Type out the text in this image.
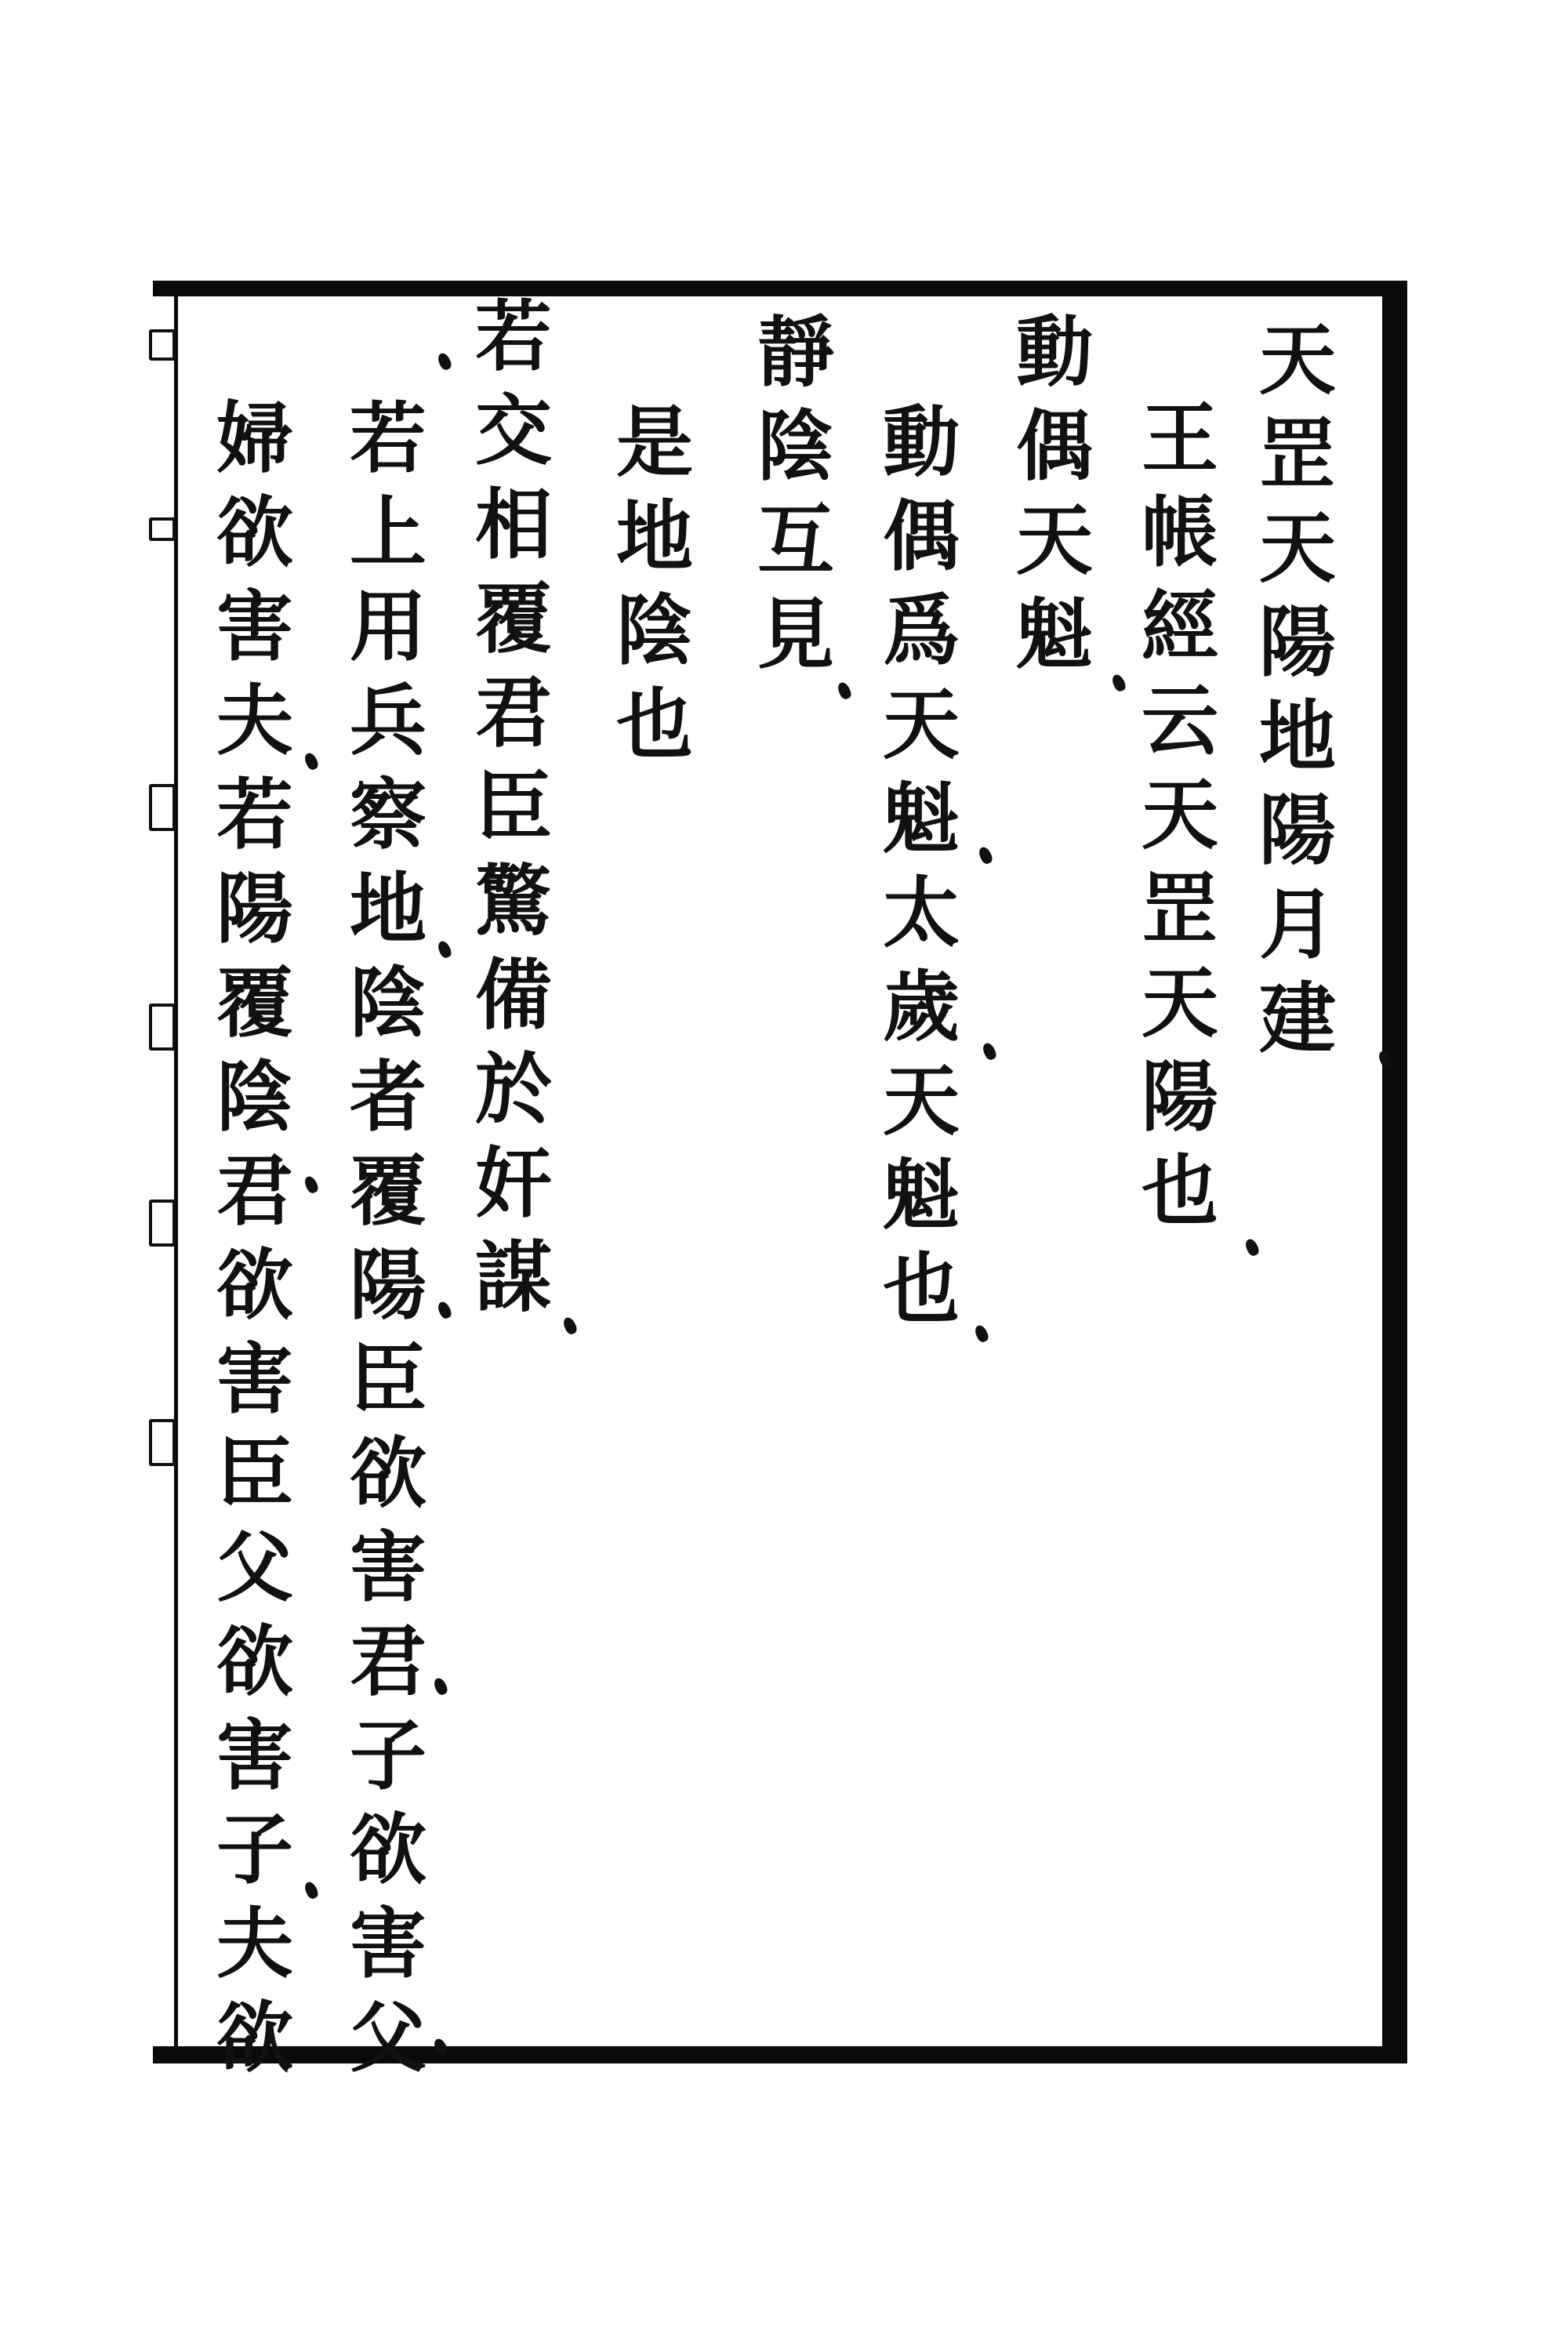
天
罡
天
陽
地
陽
月
建
王
帳
經
云
天
罡
天
陽
也
動
偶
天
魁
動
偶
爲
天
魁
太
歲
天
魁
也
靜
陰
互
見
是
地
陰
也
若
交
相
覆
君
臣
驚
備
於
奸
謀
若
上
用
兵
察
地
陰
者
覆
陽
臣
欲
害
君
子
欲
害
父
婦
欲
害
夫
若
陽
覆
陰
君
欲
害
臣
父
欲
害
子
夫
欲
